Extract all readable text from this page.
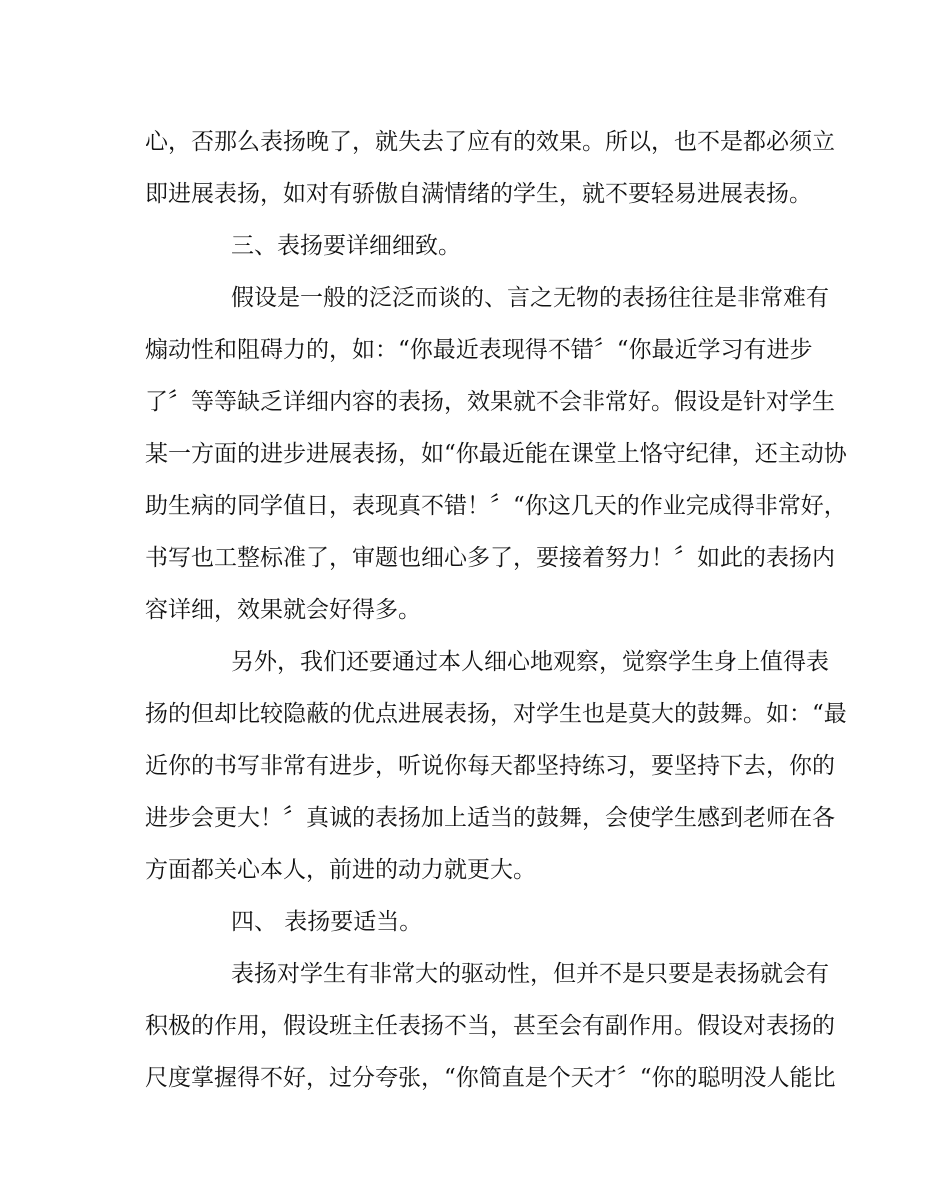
心，否那么表扬晚了，就失去了应有的效果。所以，也不是都必须立
即进展表扬，如对有骄傲自满情绪的学生，就不要轻易进展表扬。
三、表扬要详细细致。
假设是一般的泛泛而谈的、言之无物的表扬往往是非常难有
煽动性和阻碍力的，如：“你最近表现得不错〞“你最近学习有进步
了〞等等缺乏详细内容的表扬，效果就不会非常好。假设是针对学生
某一方面的进步进展表扬，如“你最近能在课堂上恪守纪律，还主动协
助生病的同学值日，表现真不错！〞“你这几天的作业完成得非常好，
书写也工整标准了，审题也细心多了，要接着努力！〞如此的表扬内
容详细，效果就会好得多。
另外，我们还要通过本人细心地观察，觉察学生身上值得表
扬的但却比较隐蔽的优点进展表扬，对学生也是莫大的鼓舞。如：“最
近你的书写非常有进步，听说你每天都坚持练习，要坚持下去，你的
进步会更大！〞真诚的表扬加上适当的鼓舞，会使学生感到老师在各
方面都关心本人，前进的动力就更大。
四、 表扬要适当。
表扬对学生有非常大的驱动性，但并不是只要是表扬就会有
积极的作用，假设班主任表扬不当，甚至会有副作用。假设对表扬的
尺度掌握得不好，过分夸张，“你简直是个天才〞“你的聪明没人能比
